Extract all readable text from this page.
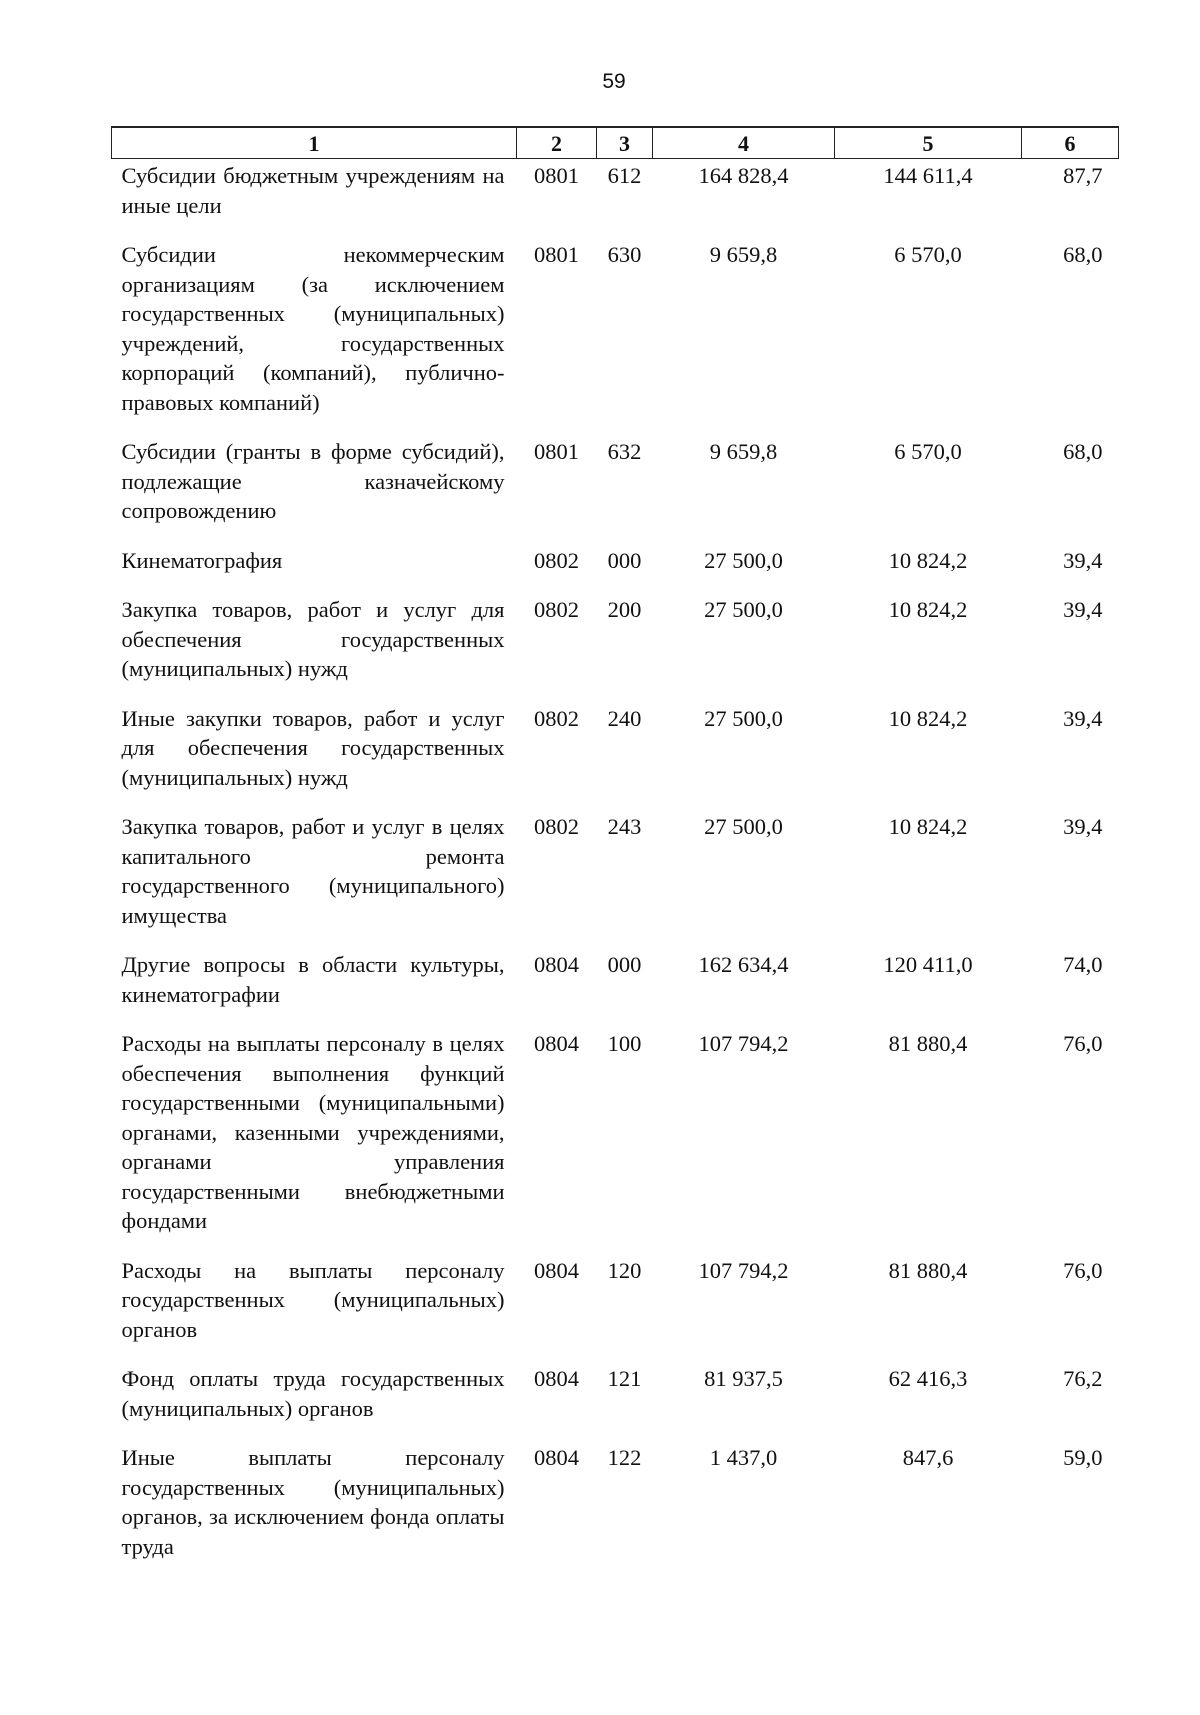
59
1	2	3	4	5	6
Субсидии бюджетным учреждениям на иные цели	0801	612	164 828,4	144 611,4	87,7
Субсидии некоммерческим организациям (за исключением государственных (муниципальных) учреждений, государственных корпораций (компаний), публично-правовых компаний)	0801	630	9 659,8	6 570,0	68,0
Субсидии (гранты в форме субсидий), подлежащие казначейскому сопровождению	0801	632	9 659,8	6 570,0	68,0
Кинематография	0802	000	27 500,0	10 824,2	39,4
Закупка товаров, работ и услуг для обеспечения государственных (муниципальных) нужд	0802	200	27 500,0	10 824,2	39,4
Иные закупки товаров, работ и услуг для обеспечения государственных (муниципальных) нужд	0802	240	27 500,0	10 824,2	39,4
Закупка товаров, работ и услуг в целях капитального ремонта государственного (муниципального) имущества	0802	243	27 500,0	10 824,2	39,4
Другие вопросы в области культуры, кинематографии	0804	000	162 634,4	120 411,0	74,0
Расходы на выплаты персоналу в целях обеспечения выполнения функций государственными (муниципальными) органами, казенными учреждениями, органами управления государственными внебюджетными фондами	0804	100	107 794,2	81 880,4	76,0
Расходы на выплаты персоналу государственных (муниципальных) органов	0804	120	107 794,2	81 880,4	76,0
Фонд оплаты труда государственных (муниципальных) органов	0804	121	81 937,5	62 416,3	76,2
Иные выплаты персоналу государственных (муниципальных) органов, за исключением фонда оплаты труда	0804	122	1 437,0	847,6	59,0
